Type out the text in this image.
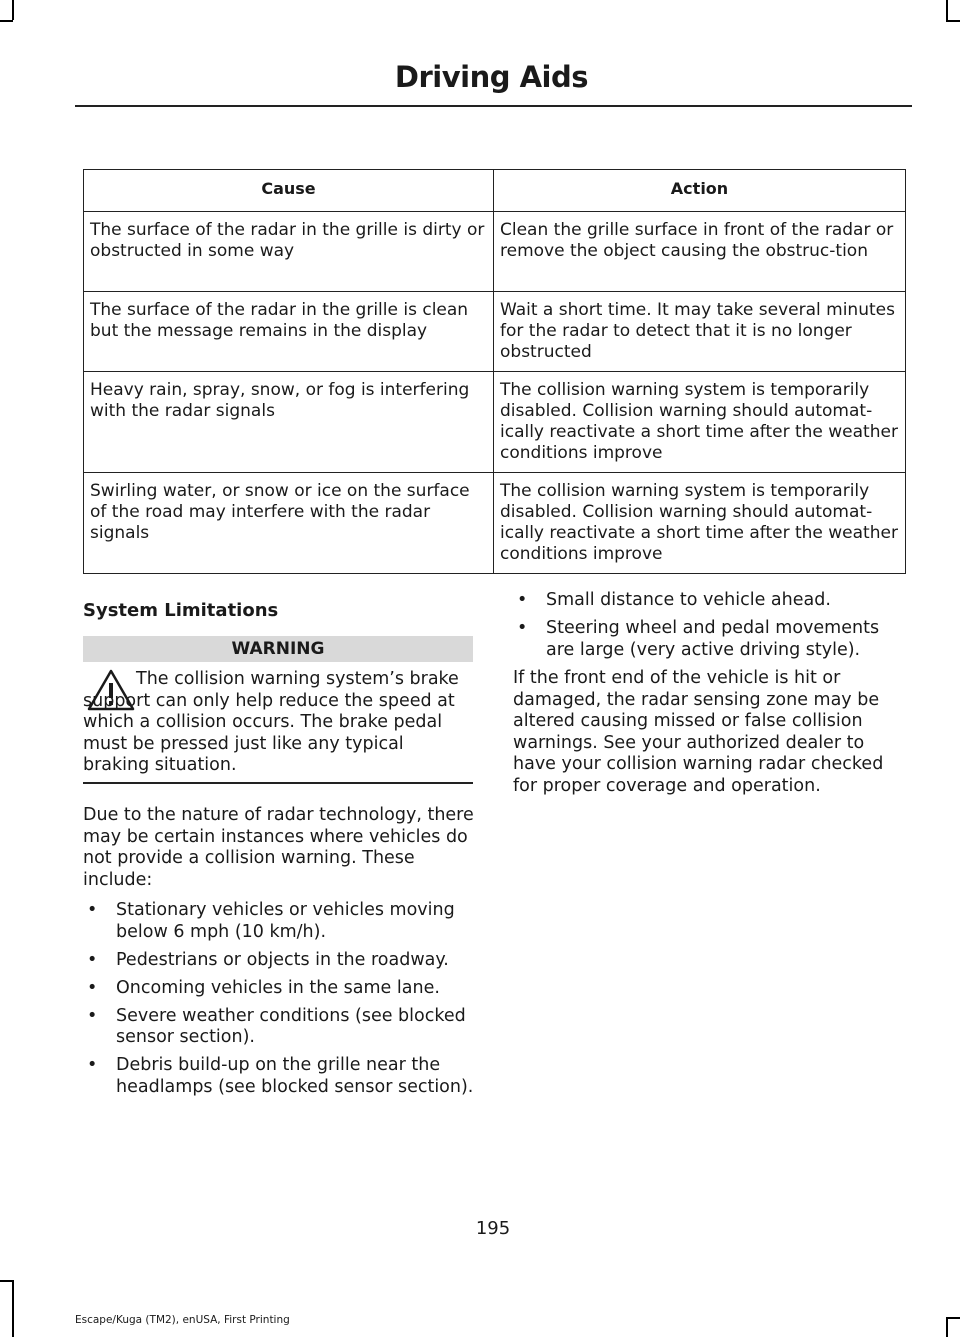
Driving Aids
Cause	Action
The surface of the radar in the grille is dirty or obstructed in some way	Clean the grille surface in front of the radar or remove the object causing the obstruc-tion
The surface of the radar in the grille is clean but the message remains in the display	Wait a short time. It may take several minutes for the radar to detect that it is no longer obstructed
Heavy rain, spray, snow, or fog is interfering with the radar signals	The collision warning system is temporarily disabled. Collision warning should automat-ically reactivate a short time after the weather conditions improve
Swirling water, or snow or ice on the surface of the road may interfere with the radar signals	The collision warning system is temporarily disabled. Collision warning should automat-ically reactivate a short time after the weather conditions improve
System Limitations
WARNING
The collision warning system’s brake support can only help reduce the speed at which a collision occurs. The brake pedal must be pressed just like any typical braking situation.
Due to the nature of radar technology, there may be certain instances where vehicles do not provide a collision warning. These include:
• Stationary vehicles or vehicles moving below 6 mph (10 km/h).
• Pedestrians or objects in the roadway.
• Oncoming vehicles in the same lane.
• Severe weather conditions (see blocked sensor section).
• Debris build-up on the grille near the headlamps (see blocked sensor section).
• Small distance to vehicle ahead.
• Steering wheel and pedal movements are large (very active driving style).
If the front end of the vehicle is hit or damaged, the radar sensing zone may be altered causing missed or false collision warnings. See your authorized dealer to have your collision warning radar checked for proper coverage and operation.
195
Escape/Kuga (TM2), enUSA, First Printing
